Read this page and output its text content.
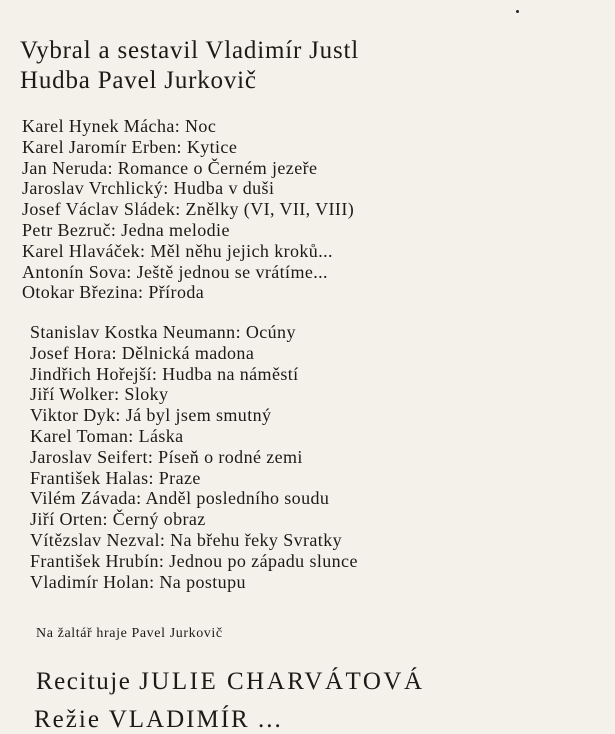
Vybral a sestavil Vladimír Justl
Hudba Pavel Jurkovič
Karel Hynek Mácha: Noc
Karel Jaromír Erben: Kytice
Jan Neruda: Romance o Černém jezeře
Jaroslav Vrchlický: Hudba v duši
Josef Václav Sládek: Znělky (VI, VII, VIII)
Petr Bezruč: Jedna melodie
Karel Hlaváček: Měl něhu jejich kroků...
Antonín Sova: Ještě jednou se vrátíme...
Otokar Březina: Příroda
Stanislav Kostka Neumann: Ocúny
Josef Hora: Dělnická madona
Jindřich Hořejší: Hudba na náměstí
Jiří Wolker: Sloky
Viktor Dyk: Já byl jsem smutný
Karel Toman: Láska
Jaroslav Seifert: Píseň o rodné zemi
František Halas: Praze
Vilém Závada: Anděl posledního soudu
Jiří Orten: Černý obraz
Vítězslav Nezval: Na břehu řeky Svratky
František Hrubín: Jednou po západu slunce
Vladimír Holan: Na postupu
Na žaltář hraje Pavel Jurkovič
Recituje JULIE CHARVÁTOVÁ
Režie VLADIMÍR ...
